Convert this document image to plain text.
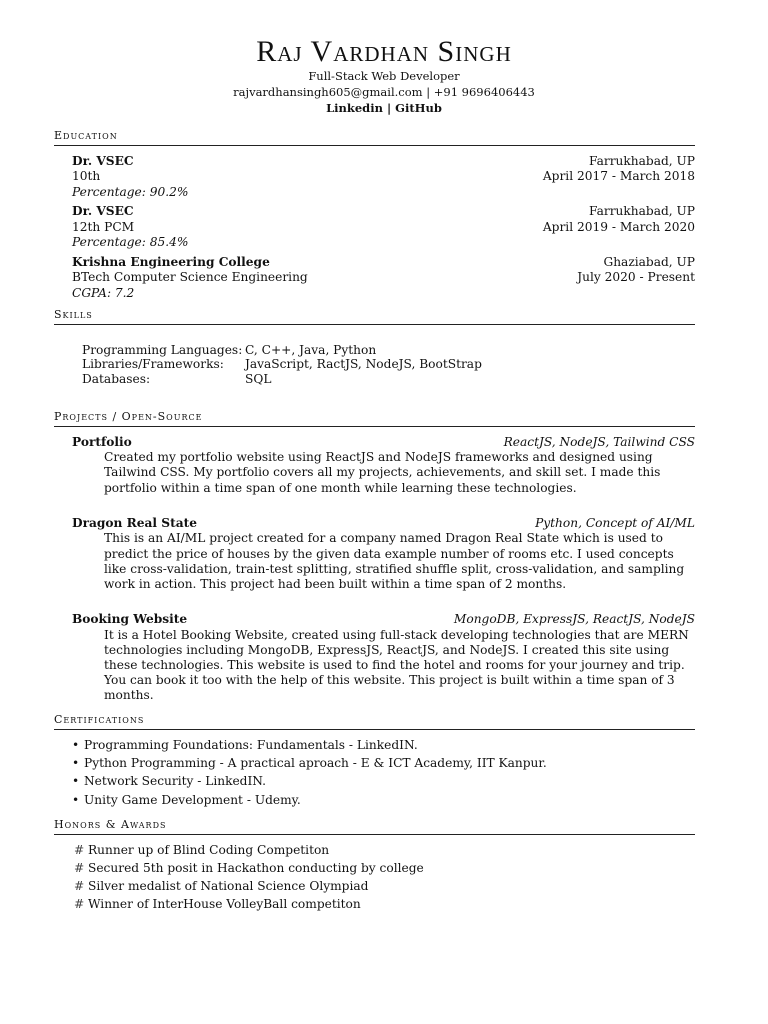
Raj Vardhan Singh
Full-Stack Web Developer
rajvardhansingh605@gmail.com | +91 9696406443
Linkedin | GitHub
Education
Dr. VSEC	Farrukhabad, UP
10th	April 2017 - March 2018
Percentage: 90.2%
Dr. VSEC	Farrukhabad, UP
12th PCM	April 2019 - March 2020
Percentage: 85.4%
Krishna Engineering College	Ghaziabad, UP
BTech Computer Science Engineering	July 2020 - Present
CGPA: 7.2
Skills
Programming Languages: C, C++, Java, Python
Libraries/Frameworks:	JavaScript, RactJS, NodeJS, BootStrap
Databases:	SQL
Projects / Open-Source
Portfolio	ReactJS, NodeJS, Tailwind CSS
Created my portfolio website using ReactJS and NodeJS frameworks and designed using Tailwind CSS. My portfolio covers all my projects, achievements, and skill set. I made this portfolio within a time span of one month while learning these technologies.
Dragon Real State	Python, Concept of AI/ML
This is an AI/ML project created for a company named Dragon Real State which is used to predict the price of houses by the given data example number of rooms etc. I used concepts like cross-validation, train-test splitting, stratified shuffle split, cross-validation, and sampling work in action. This project had been built within a time span of 2 months.
Booking Website	MongoDB, ExpressJS, ReactJS, NodeJS
It is a Hotel Booking Website, created using full-stack developing technologies that are MERN technologies including MongoDB, ExpressJS, ReactJS, and NodeJS. I created this site using these technologies. This website is used to find the hotel and rooms for your journey and trip. You can book it too with the help of this website. This project is built within a time span of 3 months.
Certifications
• Programming Foundations: Fundamentals - LinkedIN.
• Python Programming - A practical aproach - E & ICT Academy, IIT Kanpur.
• Network Security - LinkedIN.
• Unity Game Development - Udemy.
Honors & Awards
# Runner up of Blind Coding Competiton
# Secured 5th posit in Hackathon conducting by college
# Silver medalist of National Science Olympiad
# Winner of InterHouse VolleyBall competiton
